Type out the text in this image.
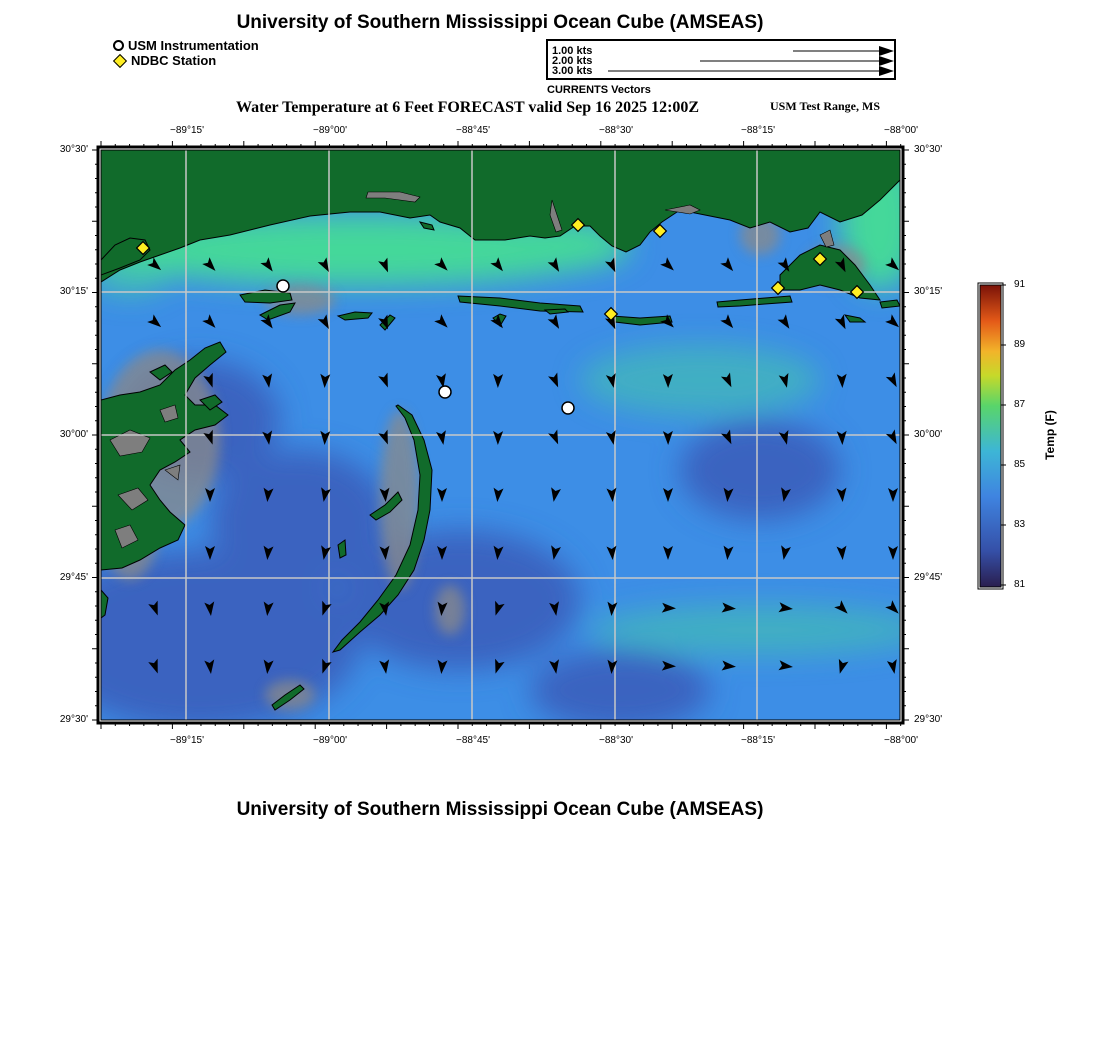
University of Southern Mississippi Ocean Cube (AMSEAS)
USM Instrumentation
NDBC Station
1.00 kts
2.00 kts
3.00 kts
CURRENTS Vectors
Water Temperature at 6 Feet FORECAST valid Sep 16 2025 12:00Z	USM Test Range, MS
−89°15'	−89°00'	−88°45'	−88°30'	−88°15'	−88°00'
−89°15'	−89°00'	−88°45'	−88°30'	−88°15'	−88°00'
30°30'
30°15'
30°00'
29°45'
29°30'
30°30'
30°15'
30°00'
29°45'
29°30'
91
89
87
85
83
81
Temp (F)
University of Southern Mississippi Ocean Cube (AMSEAS)
